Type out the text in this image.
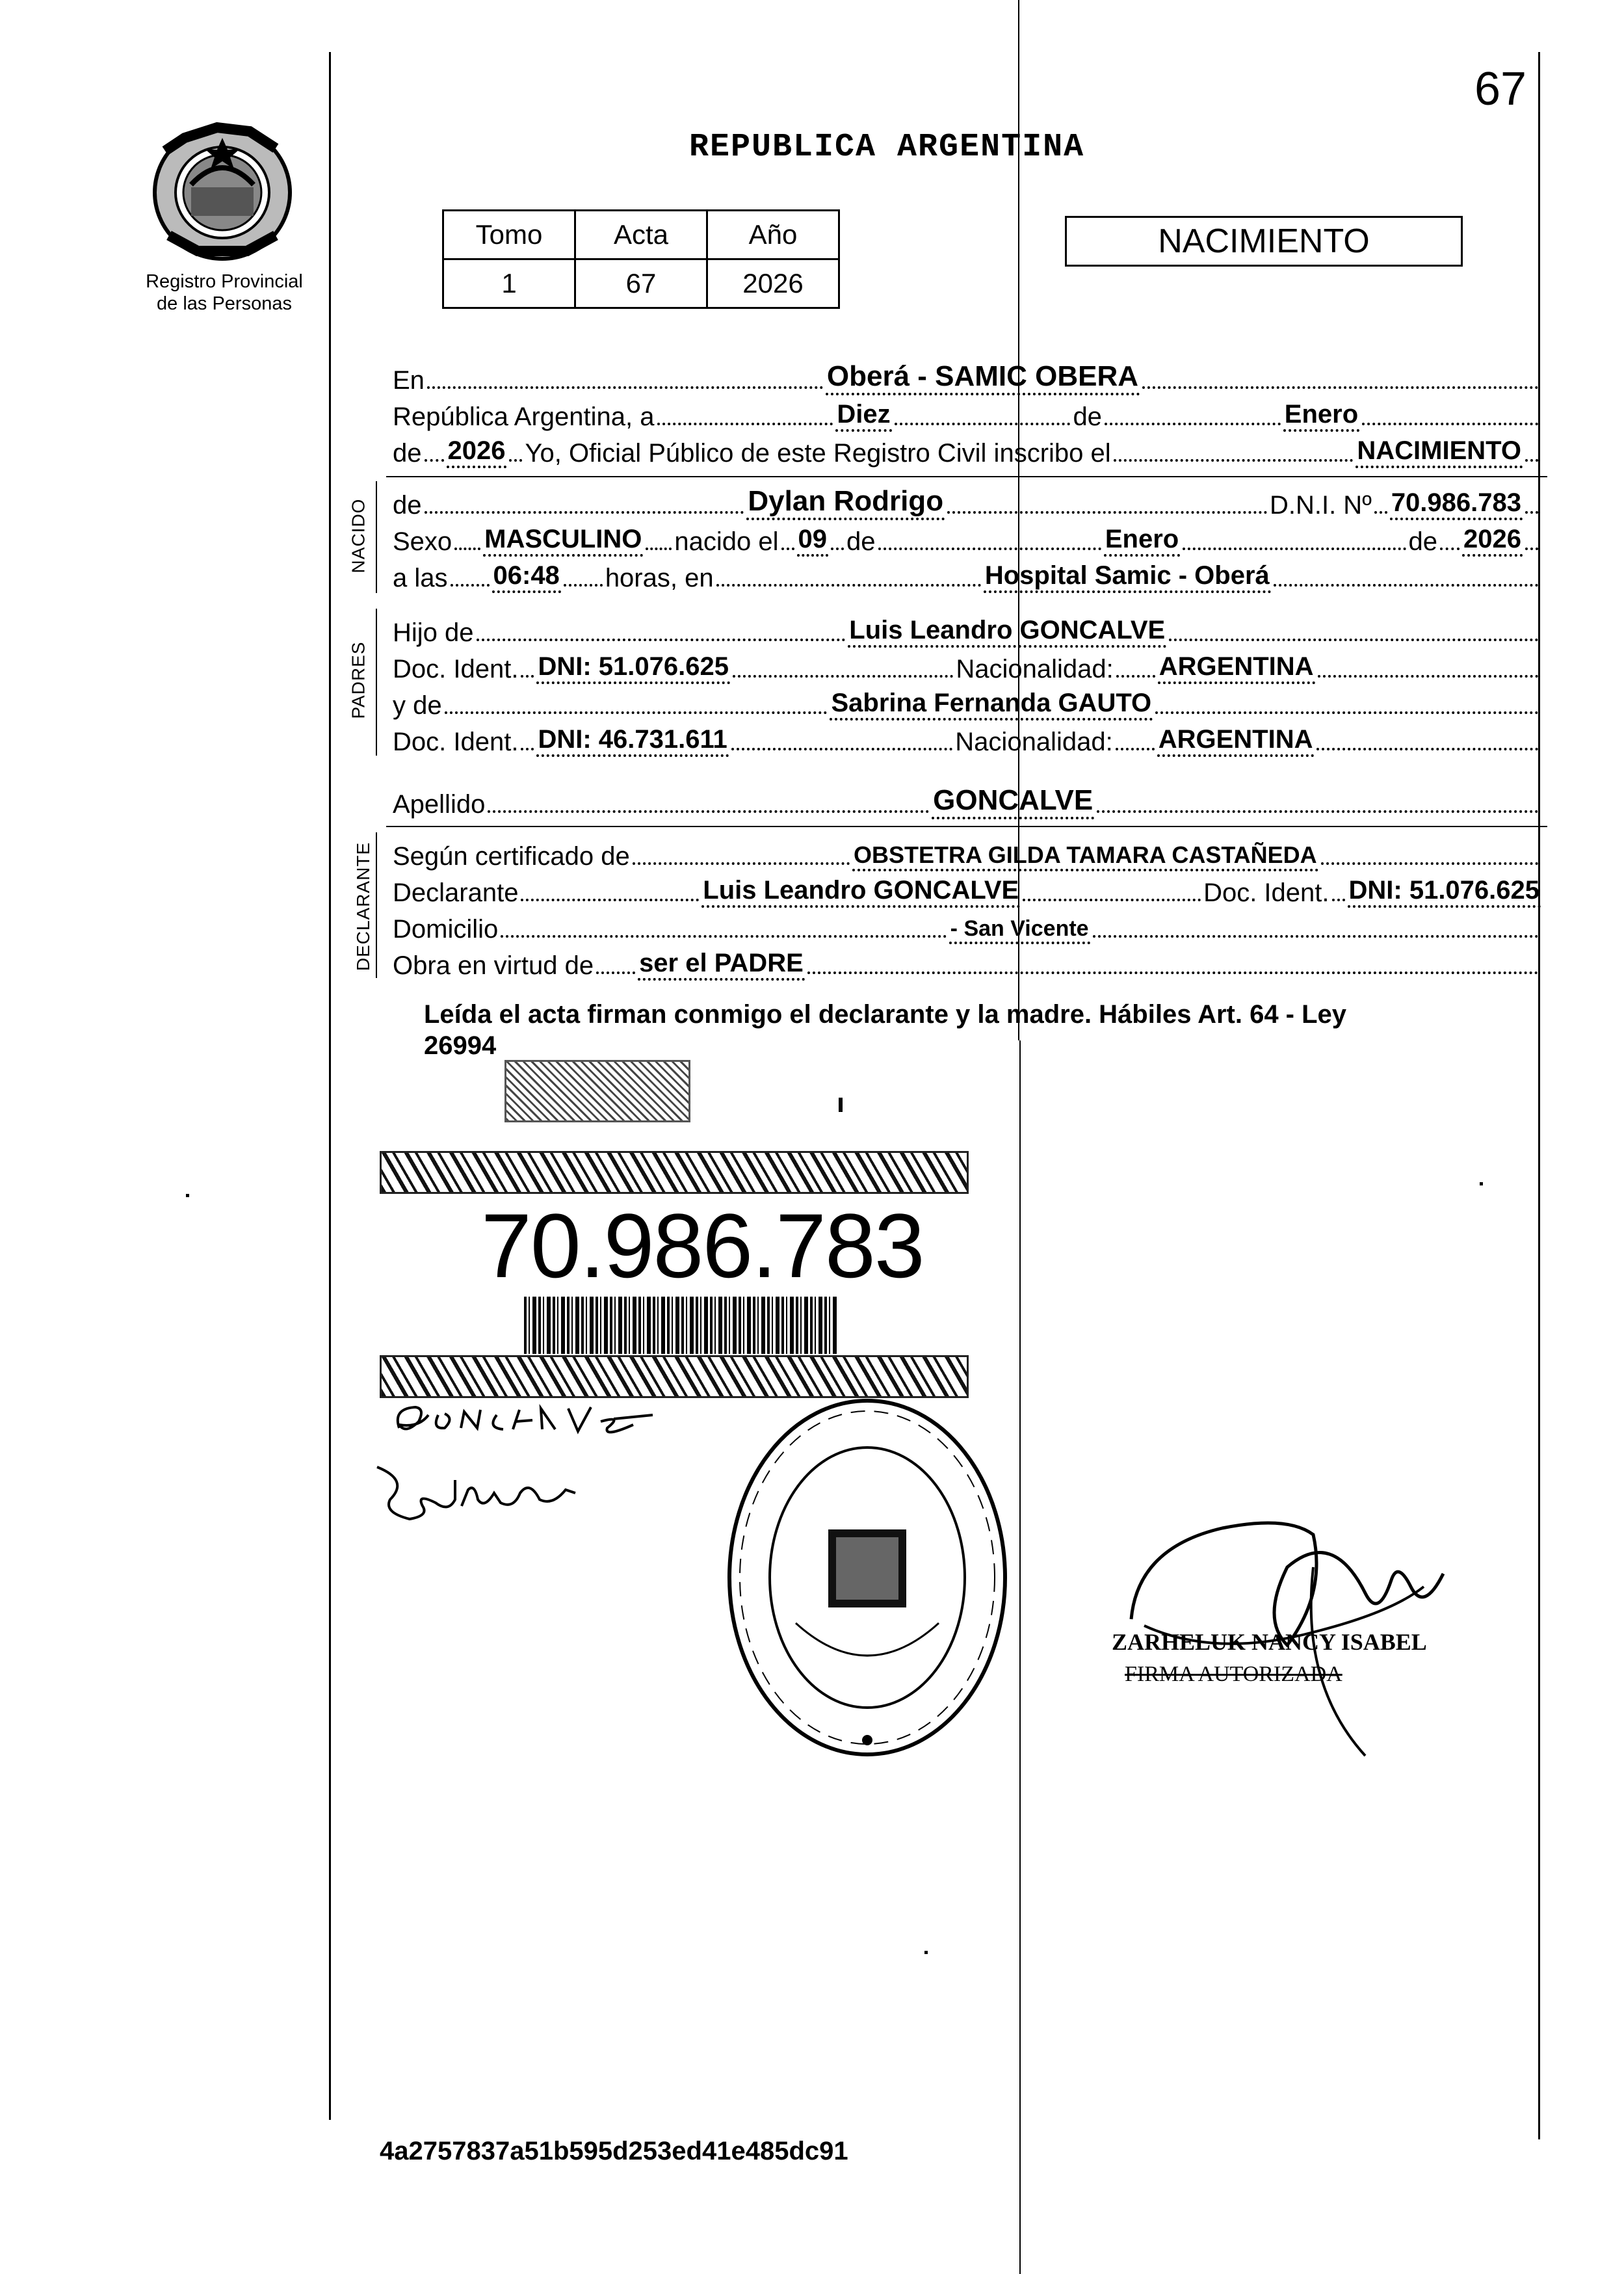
67
Registro Provincial
de las Personas
REPUBLICA ARGENTINA
Tomo	Acta	Año
1	67	2026
NACIMIENTO
En	Oberá - SAMIC OBERA
República Argentina, a	Diez	de	Enero
de 2026 Yo, Oficial Público de este Registro Civil inscribo el	NACIMIENTO
NACIDO de	Dylan Rodrigo	D.N.I. Nº 70.986.783
Sexo MASCULINO nacido el 09 de	Enero	de 2026
a las 06:48 horas, en	Hospital Samic - Oberá
PADRES
Hijo de	Luis Leandro GONCALVE
Doc. Ident. DNI: 51.076.625	Nacionalidad: ARGENTINA
y de	Sabrina Fernanda GAUTO
Doc. Ident. DNI: 46.731.611	Nacionalidad: ARGENTINA
Apellido	GONCALVE
DECLARANTE Según certificado de	OBSTETRA GILDA TAMARA CASTAÑEDA
Declarante	Luis Leandro GONCALVE	Doc. Ident. DNI: 51.076.625
Domicilio	- San Vicente
Obra en virtud de ser el PADRE
Leída el acta firman conmigo el declarante y la madre. Hábiles Art. 64 - Ley
26994
70.986.783
ZARHELUK NANCY ISABEL
FIRMA AUTORIZADA
4a2757837a51b595d253ed41e485dc91
